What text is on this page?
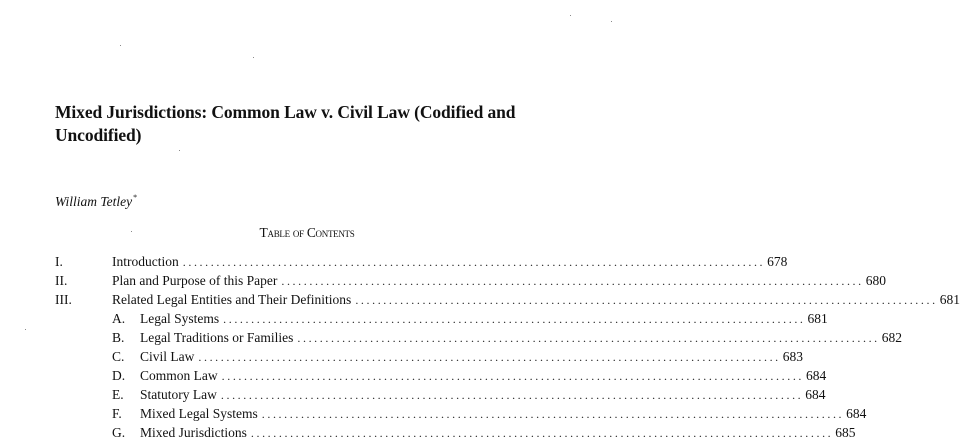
Mixed Jurisdictions: Common Law v. Civil Law (Codified and
Uncodified)
William Tetley*
Table of Contents
I.	Introduction ........................................................................................................ 678
II.	Plan and Purpose of this Paper ........................................................................................................ 680
III.	Related Legal Entities and Their Definitions ........................................................................................................ 681
A.	Legal Systems ........................................................................................................ 681
B.	Legal Traditions or Families ........................................................................................................ 682
C.	Civil Law ........................................................................................................ 683
D.	Common Law ........................................................................................................ 684
E.	Statutory Law ........................................................................................................ 684
F.	Mixed Legal Systems ........................................................................................................ 684
G.	Mixed Jurisdictions ........................................................................................................ 685
